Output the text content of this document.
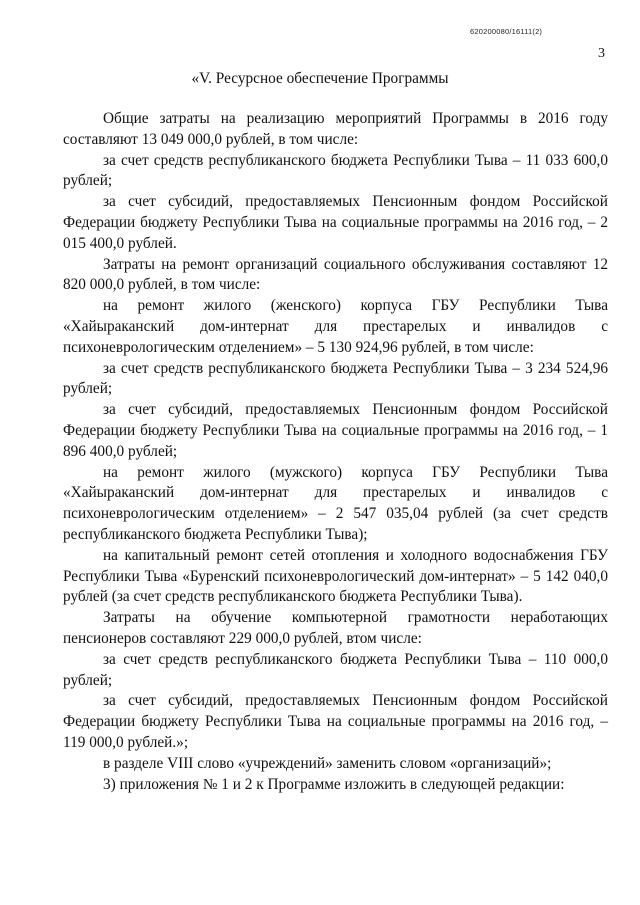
620200080/16111(2)
3
«V. Ресурсное обеспечение Программы

Общие затраты на реализацию мероприятий Программы в 2016 году составляют 13 049 000,0 рублей, в том числе:

за счет средств республиканского бюджета Республики Тыва – 11 033 600,0 рублей;

за счет субсидий, предоставляемых Пенсионным фондом Российской Федерации бюджету Республики Тыва на социальные программы на 2016 год, – 2 015 400,0 рублей.

Затраты на ремонт организаций социального обслуживания составляют 12 820 000,0 рублей, в том числе:

на ремонт жилого (женского) корпуса ГБУ Республики Тыва «Хайыраканский дом-интернат для престарелых и инвалидов с психоневрологическим отделением» – 5 130 924,96 рублей, в том числе:

за счет средств республиканского бюджета Республики Тыва – 3 234 524,96 рублей;

за счет субсидий, предоставляемых Пенсионным фондом Российской Федерации бюджету Республики Тыва на социальные программы на 2016 год, – 1 896 400,0 рублей;

на ремонт жилого (мужского) корпуса ГБУ Республики Тыва «Хайыраканский дом-интернат для престарелых и инвалидов с психоневрологическим отделением» – 2 547 035,04 рублей (за счет средств республиканского бюджета Республики Тыва);

на капитальный ремонт сетей отопления и холодного водоснабжения ГБУ Республики Тыва «Буренский психоневрологический дом-интернат» – 5 142 040,0 рублей (за счет средств республиканского бюджета Республики Тыва).

Затраты на обучение компьютерной грамотности неработающих пенсионеров составляют 229 000,0 рублей, втом числе:

за счет средств республиканского бюджета Республики Тыва – 110 000,0 рублей;

за счет субсидий, предоставляемых Пенсионным фондом Российской Федерации бюджету Республики Тыва на социальные программы на 2016 год, – 119 000,0 рублей.»;

в разделе VIII слово «учреждений» заменить словом «организаций»;

3) приложения № 1 и 2 к Программе изложить в следующей редакции:
